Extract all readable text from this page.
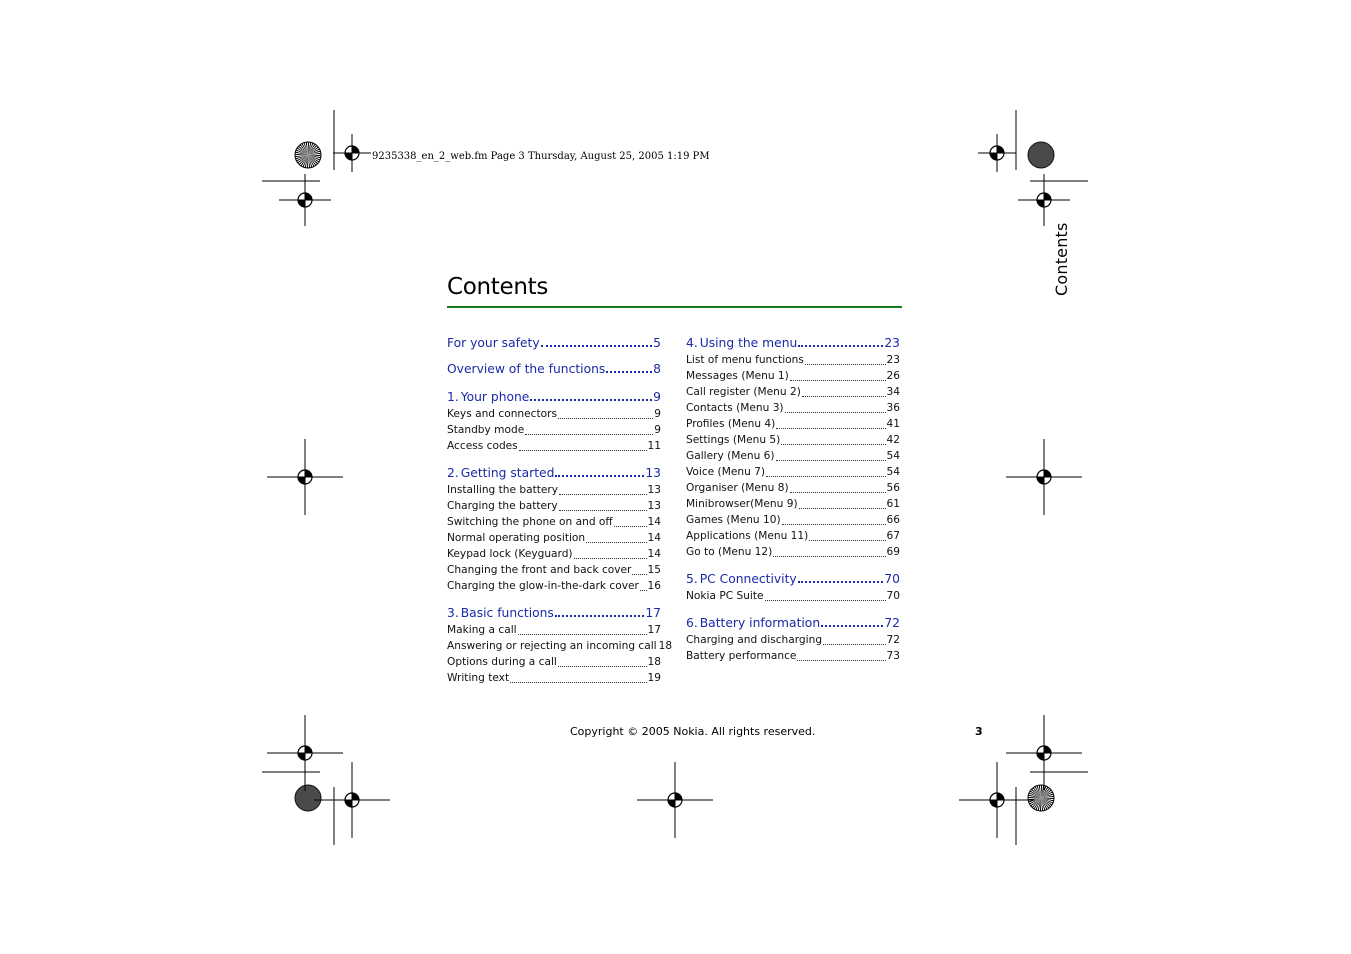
9235338_en_2_web.fm Page 3 Thursday, August 25, 2005 1:19 PM
Contents	Contents
For your safety	5
Overview of the functions	8
1. Your phone	9
Keys and connectors	9
Standby mode	9
Access codes	11
2. Getting started	13
Installing the battery	13
Charging the battery	13
Switching the phone on and off	14
Normal operating position	14
Keypad lock (Keyguard)	14
Changing the front and back cover 15
Charging the glow-in-the-dark cover 16
3. Basic functions	17
Making a call	17
Answering or rejecting an incoming call 18
Options during a call	18
Writing text	19
4. Using the menu	23
List of menu functions	23
Messages (Menu 1)	26
Call register (Menu 2)	34
Contacts (Menu 3)	36
Profiles (Menu 4)	41
Settings (Menu 5)	42
Gallery (Menu 6)	54
Voice (Menu 7)	54
Organiser (Menu 8)	56
Minibrowser(Menu 9)	61
Games (Menu 10)	66
Applications (Menu 11)	67
Go to (Menu 12)	69
5. PC Connectivity	70
Nokia PC Suite	70
6. Battery information	72
Charging and discharging	72
Battery performance	73
Copyright © 2005 Nokia. All rights reserved.	3
